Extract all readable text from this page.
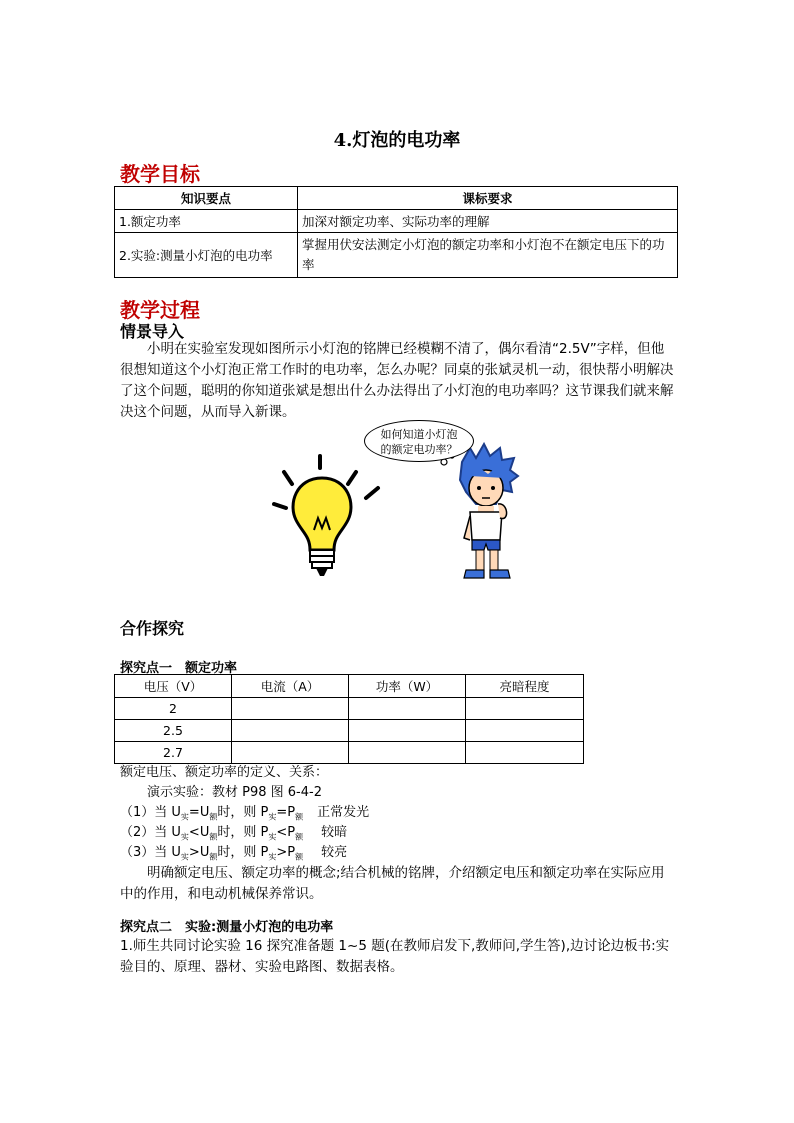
4.灯泡的电功率
教学目标
知识要点	课标要求
1.额定功率	加深对额定功率、实际功率的理解
2.实验:测量小灯泡的电功率	掌握用伏安法测定小灯泡的额定功率和小灯泡不在额定电压下的功率
教学过程
情景导入
小明在实验室发现如图所示小灯泡的铭牌已经模糊不清了，偶尔看清“2.5V”字样，但他很想知道这个小灯泡正常工作时的电功率，怎么办呢？同桌的张斌灵机一动，很快帮小明解决了这个问题，聪明的你知道张斌是想出什么办法得出了小灯泡的电功率吗？这节课我们就来解决这个问题，从而导入新课。
如何知道小灯泡
的额定电功率？
合作探究
探究点一　额定功率
电压（V）	电流（A）	功率（W）	亮暗程度
2			
2.5			
2.7			
额定电压、额定功率的定义、关系：
演示实验：教材 P98 图 6-4-2
（1）当 $U_实=U_额$时，则 $P_实=P_额$ 正常发光
（2）当 $U_实<U_额$时，则 $P_实<P_额$ 较暗
（3）当 $U_实>U_额$时，则 $P_实>P_额$ 较亮
明确额定电压、额定功率的概念;结合机械的铭牌，介绍额定电压和额定功率在实际应用中的作用，和电动机械保养常识。
探究点二　实验:测量小灯泡的电功率
1.师生共同讨论实验 16 探究准备题 1~5 题(在教师启发下,教师问,学生答),边讨论边板书:实验目的、原理、器材、实验电路图、数据表格。
